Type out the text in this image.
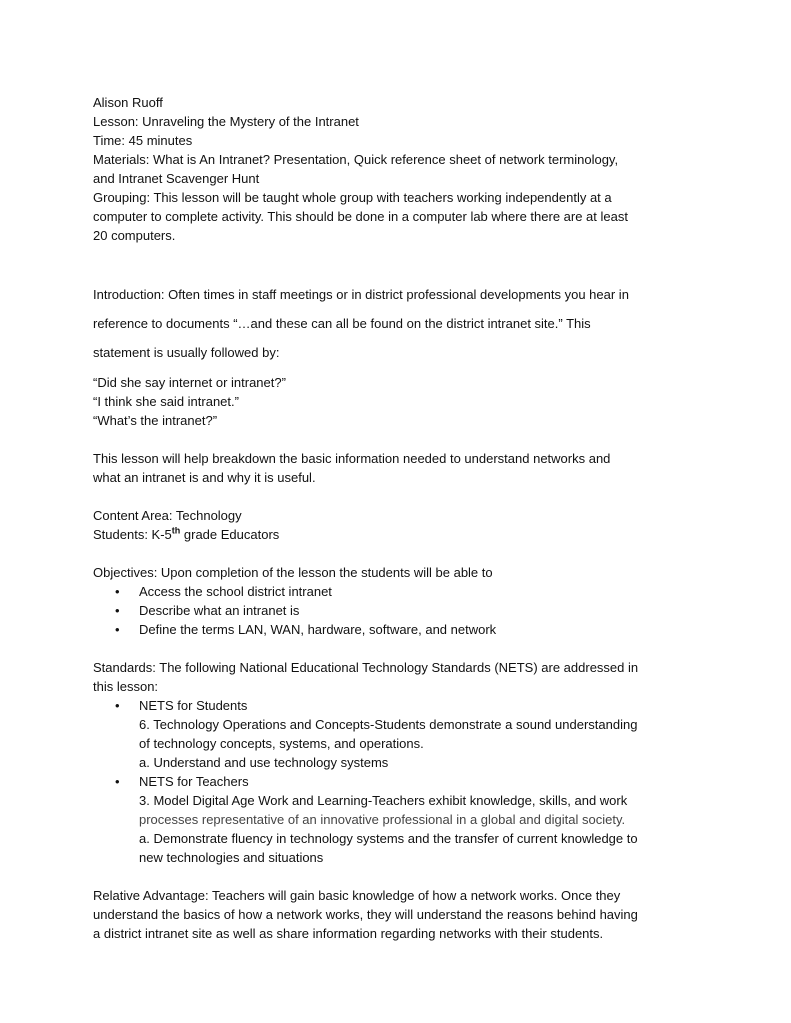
Alison Ruoff
Lesson: Unraveling the Mystery of the Intranet
Time: 45 minutes
Materials: What is An Intranet? Presentation, Quick reference sheet of network terminology,
and Intranet Scavenger Hunt
Grouping: This lesson will be taught whole group with teachers working independently at a
computer to complete activity. This should be done in a computer lab where there are at least
20 computers.
Introduction: Often times in staff meetings or in district professional developments you hear in
reference to documents “…and these can all be found on the district intranet site.” This
statement is usually followed by:
“Did she say internet or intranet?”
“I think she said intranet.”
“What’s the intranet?”
This lesson will help breakdown the basic information needed to understand networks and
what an intranet is and why it is useful.
Content Area: Technology
Students: K-5th grade Educators
Objectives: Upon completion of the lesson the students will be able to
• Access the school district intranet
• Describe what an intranet is
• Define the terms LAN, WAN, hardware, software, and network
Standards: The following National Educational Technology Standards (NETS) are addressed in
this lesson:
• NETS for Students
6. Technology Operations and Concepts-Students demonstrate a sound understanding
of technology concepts, systems, and operations.
a. Understand and use technology systems
• NETS for Teachers
3. Model Digital Age Work and Learning-Teachers exhibit knowledge, skills, and work
processes representative of an innovative professional in a global and digital society.
a. Demonstrate fluency in technology systems and the transfer of current knowledge to
new technologies and situations
Relative Advantage: Teachers will gain basic knowledge of how a network works. Once they
understand the basics of how a network works, they will understand the reasons behind having
a district intranet site as well as share information regarding networks with their students.
